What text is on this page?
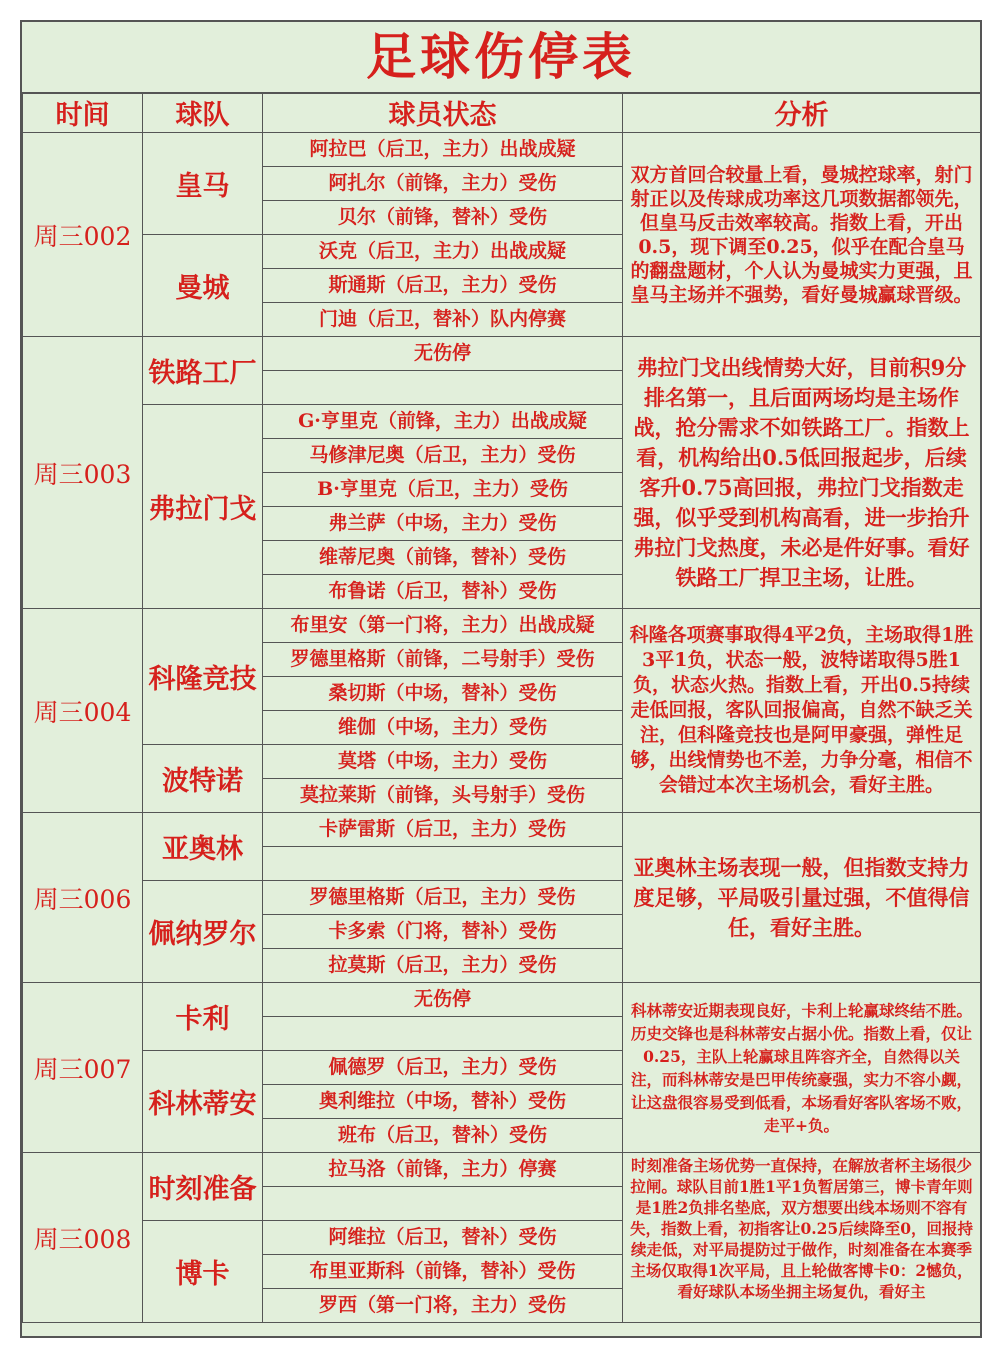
足球伤停表
时间	球队	球员状态	分析
周三002	皇马	阿拉巴（后卫，主力）出战成疑	双方首回合较量上看，曼城控球率，射门射正以及传球成功率这几项数据都领先，但皇马反击效率较高。指数上看，开出0.5，现下调至0.25，似乎在配合皇马的翻盘题材，个人认为曼城实力更强，且皇马主场并不强势，看好曼城赢球晋级。
		阿扎尔（前锋，主力）受伤	
		贝尔（前锋，替补）受伤	
	曼城	沃克（后卫，主力）出战成疑	
		斯通斯（后卫，主力）受伤	
		门迪（后卫，替补）队内停赛	
周三003	铁路工厂	无伤停	弗拉门戈出线情势大好，目前积9分排名第一，且后面两场均是主场作战，抢分需求不如铁路工厂。指数上看，机构给出0.5低回报起步，后续客升0.75高回报，弗拉门戈指数走强，似乎受到机构高看，进一步抬升弗拉门戈热度，未必是件好事。看好铁路工厂捍卫主场，让胜。

	弗拉门戈	G·亨里克（前锋，主力）出战成疑	
		马修津尼奥（后卫，主力）受伤	
		B·亨里克（后卫，主力）受伤	
		弗兰萨（中场，主力）受伤	
		维蒂尼奥（前锋，替补）受伤	
		布鲁诺（后卫，替补）受伤	
周三004	科隆竞技	布里安（第一门将，主力）出战成疑	科隆各项赛事取得4平2负，主场取得1胜3平1负，状态一般，波特诺取得5胜1负，状态火热。指数上看，开出0.5持续走低回报，客队回报偏高，自然不缺乏关注，但科隆竞技也是阿甲豪强，弹性足够，出线情势也不差，力争分毫，相信不会错过本次主场机会，看好主胜。
		罗德里格斯（前锋，二号射手）受伤	
		桑切斯（中场，替补）受伤	
		维伽（中场，主力）受伤	
	波特诺	莫塔（中场，主力）受伤	
		莫拉莱斯（前锋，头号射手）受伤	
周三006	亚奥林	卡萨雷斯（后卫，主力）受伤	亚奥林主场表现一般，但指数支持力度足够，平局吸引量过强，不值得信任，看好主胜。

	佩纳罗尔	罗德里格斯（后卫，主力）受伤	
		卡多索（门将，替补）受伤	
		拉莫斯（后卫，主力）受伤	
周三007	卡利	无伤停	科林蒂安近期表现良好，卡利上轮赢球终结不胜。历史交锋也是科林蒂安占据小优。指数上看，仅让0.25，主队上轮赢球且阵容齐全，自然得以关注，而科林蒂安是巴甲传统豪强，实力不容小觑，让这盘很容易受到低看，本场看好客队客场不败，走平+负。

	科林蒂安	佩德罗（后卫，主力）受伤	
		奥利维拉（中场，替补）受伤	
		班布（后卫，替补）受伤	
周三008	时刻准备	拉马洛（前锋，主力）停赛	时刻准备主场优势一直保持，在解放者杯主场很少拉闸。球队目前1胜1平1负暂居第三，博卡青年则是1胜2负排名垫底，双方想要出线本场则不容有失，指数上看，初指客让0.25后续降至0，回报持续走低，对平局提防过于做作，时刻准备在本赛季主场仅取得1次平局，且上轮做客博卡0：2憾负，看好球队本场坐拥主场复仇，看好主

	博卡	阿维拉（后卫，替补）受伤	
		布里亚斯科（前锋，替补）受伤	
		罗西（第一门将，主力）受伤	
